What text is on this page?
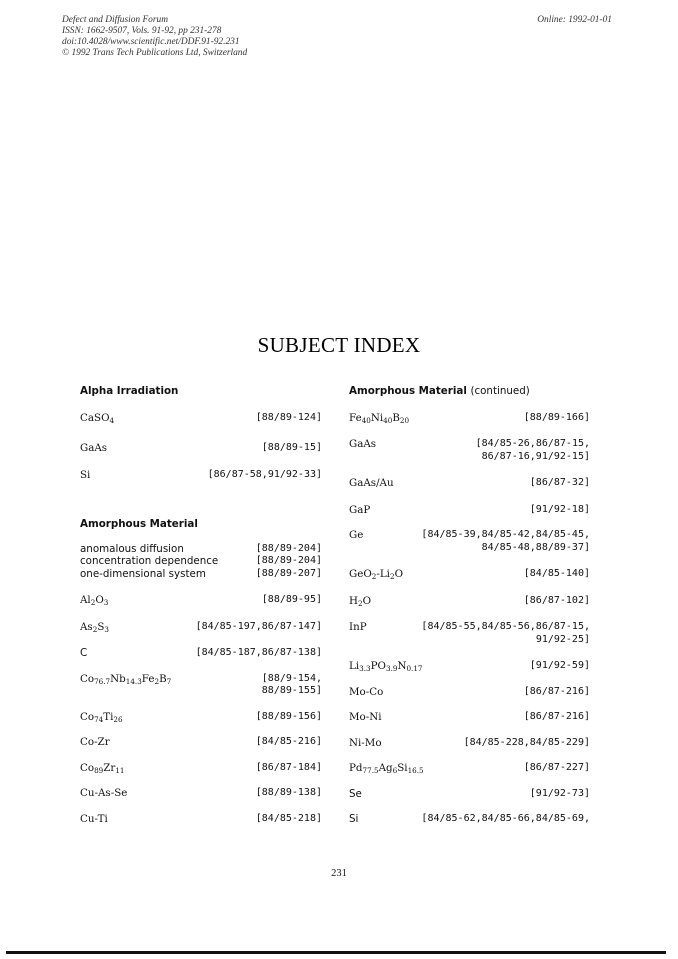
Defect and Diffusion Forum
ISSN: 1662-9507, Vols. 91-92, pp 231-278
doi:10.4028/www.scientific.net/DDF.91-92.231
© 1992 Trans Tech Publications Ltd, Switzerland
Online: 1992-01-01
SUBJECT INDEX
Alpha Irradiation
CaSO$_4$	[88/89-124]
GaAs	[88/89-15]
Si	[86/87-58,91/92-33]
Amorphous Material
anomalous diffusion	[88/89-204]
concentration dependence	[88/89-204]
one-dimensional system	[88/89-207]
$Al_2O_3$	[88/89-95]
$As_2S_3$	[84/85-197,86/87-147]
C	[84/85-187,86/87-138]
$Co_{76.7}Nb_{14.3}Fe_2B_7$	[88/9-154,
88/89-155]
$Co_{74}Ti_{26}$	[88/89-156]
Co-Zr	[84/85-216]
$Co_{89}Zr_{11}$	[86/87-184]
Cu-As-Se	[88/89-138]
Cu-Ti	[84/85-218]
Amorphous Material (continued)
$Fe_{40}Ni_{40}B_{20}$	[88/89-166]
GaAs	[84/85-26,86/87-15,
86/87-16,91/92-15]
GaAs/Au	[86/87-32]
GaP	[91/92-18]
Ge	[84/85-39,84/85-42,84/85-45,
84/85-48,88/89-37]
$GeO_2-Li_2O$	[84/85-140]
$H_2O$	[86/87-102]
InP	[84/85-55,84/85-56,86/87-15,
91/92-25]
$Li_{3.3}PO_{3.9}N_{0.17}$	[91/92-59]
Mo-Co	[86/87-216]
Mo-Ni	[86/87-216]
Ni-Mo	[84/85-228,84/85-229]
$Pd_{77.5}Ag_6Si_{16.5}$	[86/87-227]
Se	[91/92-73]
Si	[84/85-62,84/85-66,84/85-69,
231
